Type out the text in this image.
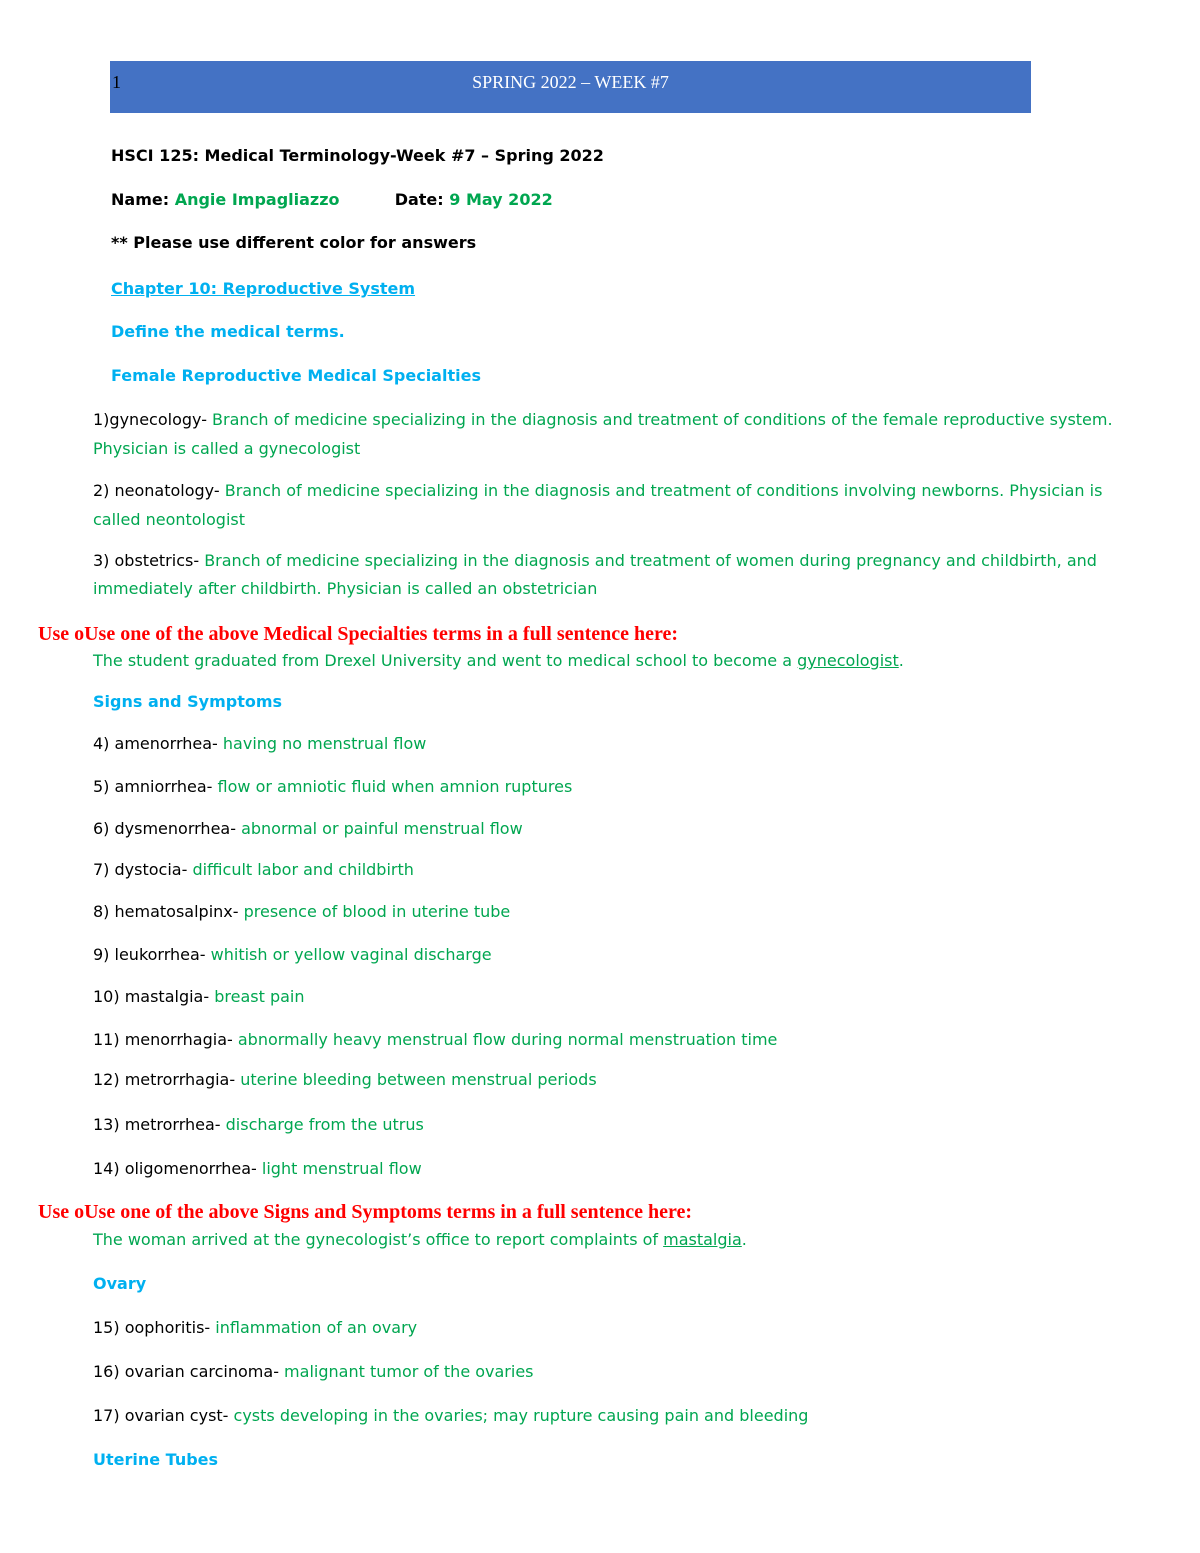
1	SPRING 2022 – WEEK #7
HSCI 125: Medical Terminology-Week #7 – Spring 2022
Name: Angie Impagliazzo	Date: 9 May 2022
** Please use different color for answers
Chapter 10: Reproductive System
Define the medical terms.
Female Reproductive Medical Specialties
1)gynecology- Branch of medicine specializing in the diagnosis and treatment of conditions of the female reproductive system.
Physician is called a gynecologist
2) neonatology- Branch of medicine specializing in the diagnosis and treatment of conditions involving newborns. Physician is
called neontologist
3) obstetrics- Branch of medicine specializing in the diagnosis and treatment of women during pregnancy and childbirth, and
immediately after childbirth. Physician is called an obstetrician
Use oUse one of the above Medical Specialties terms in a full sentence here:
The student graduated from Drexel University and went to medical school to become a gynecologist.
Signs and Symptoms
4) amenorrhea- having no menstrual flow
5) amniorrhea- flow or amniotic fluid when amnion ruptures
6) dysmenorrhea- abnormal or painful menstrual flow
7) dystocia- difficult labor and childbirth
8) hematosalpinx- presence of blood in uterine tube
9) leukorrhea- whitish or yellow vaginal discharge
10) mastalgia- breast pain
11) menorrhagia- abnormally heavy menstrual flow during normal menstruation time
12) metrorrhagia- uterine bleeding between menstrual periods
13) metrorrhea- discharge from the utrus
14) oligomenorrhea- light menstrual flow
Use oUse one of the above Signs and Symptoms terms in a full sentence here:
The woman arrived at the gynecologist’s office to report complaints of mastalgia.
Ovary
15) oophoritis- inflammation of an ovary
16) ovarian carcinoma- malignant tumor of the ovaries
17) ovarian cyst- cysts developing in the ovaries; may rupture causing pain and bleeding
Uterine Tubes
